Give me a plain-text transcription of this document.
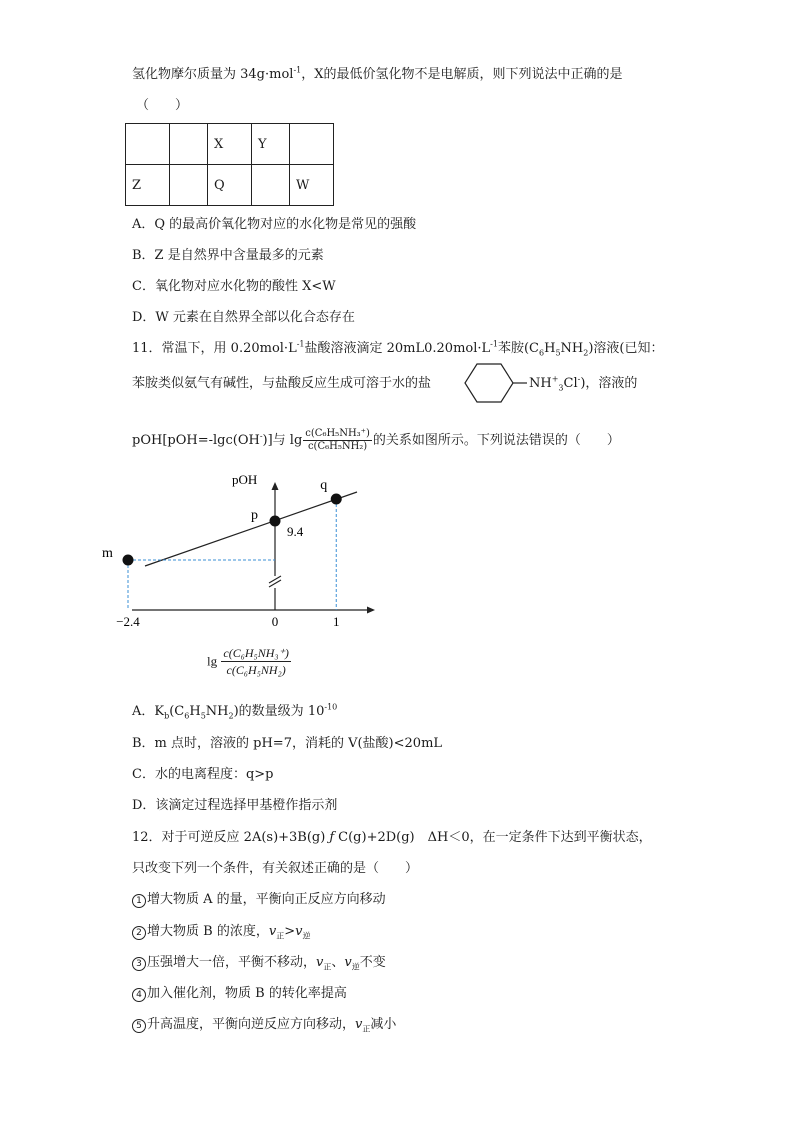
氢化物摩尔质量为 34g·mol$^{-1}$，X的最低价氢化物不是电解质，则下列说法中正确的是
（　　）
		X	Y	
Z		Q		W
A．Q 的最高价氧化物对应的水化物是常见的强酸
B．Z 是自然界中含量最多的元素
C．氧化物对应水化物的酸性 X<W
D．W 元素在自然界全部以化合态存在
11．常温下，用 $0.20mol\cdot L^{-1}$盐酸溶液滴定 $20mL0.20mol\cdot L^{-1}$苯胺$(C_6H_5NH_2)$溶液(已知：
苯胺类似氨气有碱性，与盐酸反应生成可溶于水的盐	$NH^+_3Cl^-$)，溶液的
pOH[pOH=-lgc(OH-)]与 $\lg \frac{\text{c(C₆H₅NH₃⁺)}}{\text{c(C₆H₅NH₂)}}$ 的关系如图所示。下列说法错误的（　　）
pOH
m
p
q
9.4
−2.4	0	1
$\lg \frac{\text{c(C₆H₅NH₃⁺)}}{\text{c(C₆H₅NH₂)}}$
A．$K_b(C_6H_5NH_2)$的数量级为 $10^{-10}$
B．m 点时，溶液的 pH=7，消耗的 V(盐酸)<20mL
C．水的电离程度：q>p
D．该滴定过程选择甲基橙作指示剂
12．对于可逆反应 2A(s)+3B(g) ƒ C(g)+2D(g)　ΔH＜0，在一定条件下达到平衡状态，
只改变下列一个条件，有关叙述正确的是（　　）
1 增大物质 A 的量，平衡向正反应方向移动
2 增大物质 B 的浓度，$v_正>v_逆$
3 压强增大一倍，平衡不移动，$v_正$、$v_逆$不变
4 加入催化剂，物质 B 的转化率提高
5 升高温度，平衡向逆反应方向移动，$v_正$减小
